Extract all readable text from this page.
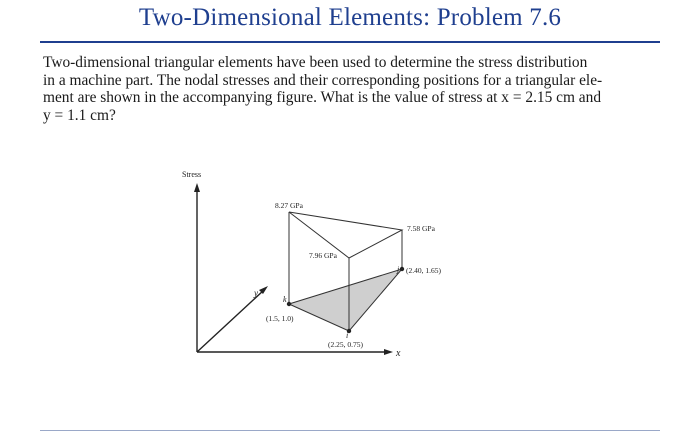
Two-Dimensional Elements: Problem 7.6

Two-dimensional triangular elements have been used to determine the stress distribution

in a machine part. The nodal stresses and their corresponding positions for a triangular ele-

ment are shown in the accompanying figure. What is the value of stress at x = 2.15 cm and

y = 1.1 cm?

Stress
y
x
8.27 GPa
7.58 GPa
7.96 GPa
k
i
j
(1.5, 1.0)
(2.25, 0.75)
(2.40, 1.65)
